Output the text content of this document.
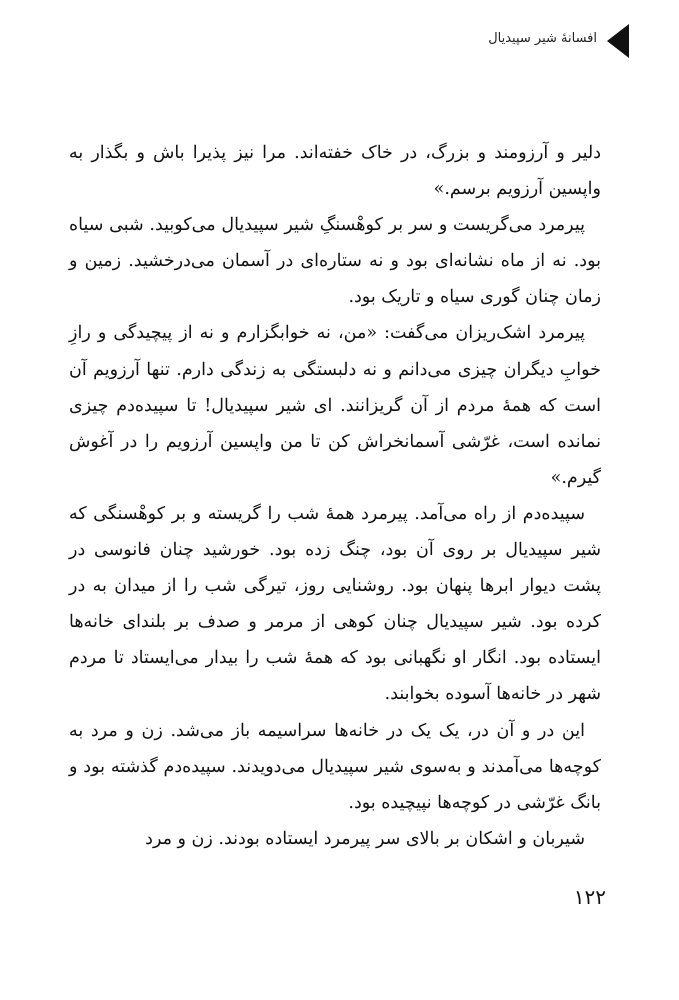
افسانهٔ شیر سپیدیال

دلیر و آرزومند و بزرگ، در خاک خفته‌اند. مرا نیز پذیرا باش و بگذار به واپسین آرزویم برسم.»

پیرمرد می‌گریست و سر بر کوهْسنگِ شیر سپیدیال می‌کوبید. شبی سیاه بود. نه از ماه نشانه‌ای بود و نه ستاره‌ای در آسمان می‌درخشید. زمین و زمان چنان گوری سیاه و تاریک بود.

پیرمرد اشک‌ریزان می‌گفت: «من، نه خوابگزارم و نه از پیچیدگی و رازِ خوابِ دیگران چیزی می‌دانم و نه دلبستگی به زندگی دارم. تنها آرزویم آن است که همهٔ مردم از آن گریزانند. ای شیر سپیدیال! تا سپیده‌دم چیزی نمانده است، غرّشی آسمانخراش کن تا من واپسین آرزویم را در آغوش گیرم.»

سپیده‌دم از راه می‌آمد. پیرمرد همهٔ شب را گریسته و بر کوهْسنگی که شیر سپیدیال بر روی آن بود، چنگ زده بود. خورشید چنان فانوسی در پشت دیوار ابرها پنهان بود. روشنایی روز، تیرگی شب را از میدان به در کرده بود. شیر سپیدیال چنان کوهی از مرمر و صدف بر بلندای خانه‌ها ایستاده بود. انگار او نگهبانی بود که همهٔ شب را بیدار می‌ایستاد تا مردم شهر در خانه‌ها آسوده بخوابند.

این در و آن در، یک یک در خانه‌ها سراسیمه باز می‌شد. زن و مرد به کوچه‌ها می‌آمدند و به‌سوی شیر سپیدیال می‌دویدند. سپیده‌دم گذشته بود و بانگ غرّشی در کوچه‌ها نپیچیده بود.

شیربان و اشکان بر بالای سر پیرمرد ایستاده بودند. زن و مرد

۱۲۲
